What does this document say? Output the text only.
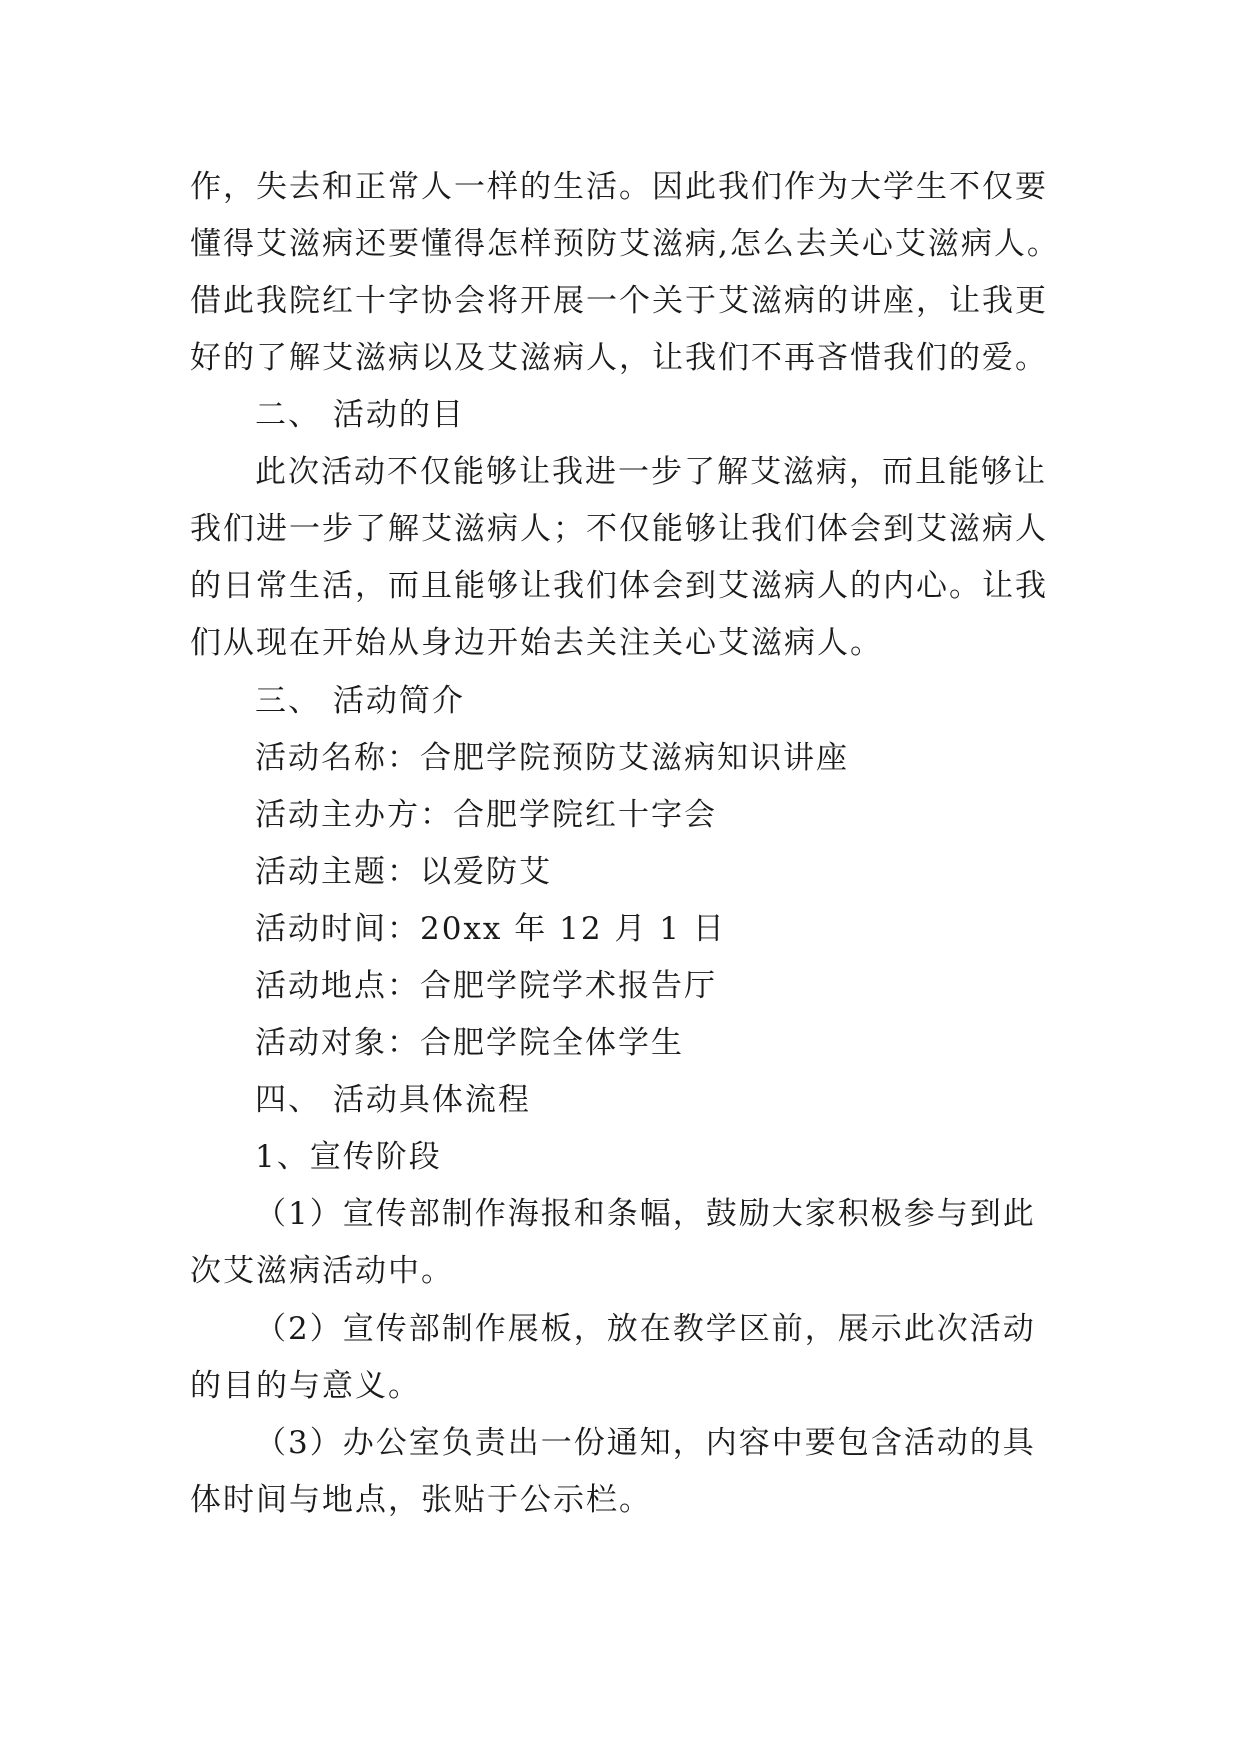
作，失去和正常人一样的生活。因此我们作为大学生不仅要

懂得艾滋病还要懂得怎样预防艾滋病,怎么去关心艾滋病人。

借此我院红十字协会将开展一个关于艾滋病的讲座，让我更

好的了解艾滋病以及艾滋病人，让我们不再吝惜我们的爱。

二、 活动的目

此次活动不仅能够让我进一步了解艾滋病，而且能够让

我们进一步了解艾滋病人；不仅能够让我们体会到艾滋病人

的日常生活，而且能够让我们体会到艾滋病人的内心。让我

们从现在开始从身边开始去关注关心艾滋病人。

三、 活动简介

活动名称：合肥学院预防艾滋病知识讲座

活动主办方：合肥学院红十字会

活动主题：以爱防艾

活动时间：20xx 年 12 月 1 日

活动地点：合肥学院学术报告厅

活动对象：合肥学院全体学生

四、 活动具体流程

1、宣传阶段

（1）宣传部制作海报和条幅，鼓励大家积极参与到此

次艾滋病活动中。

（2）宣传部制作展板，放在教学区前，展示此次活动

的目的与意义。

（3）办公室负责出一份通知，内容中要包含活动的具

体时间与地点，张贴于公示栏。
